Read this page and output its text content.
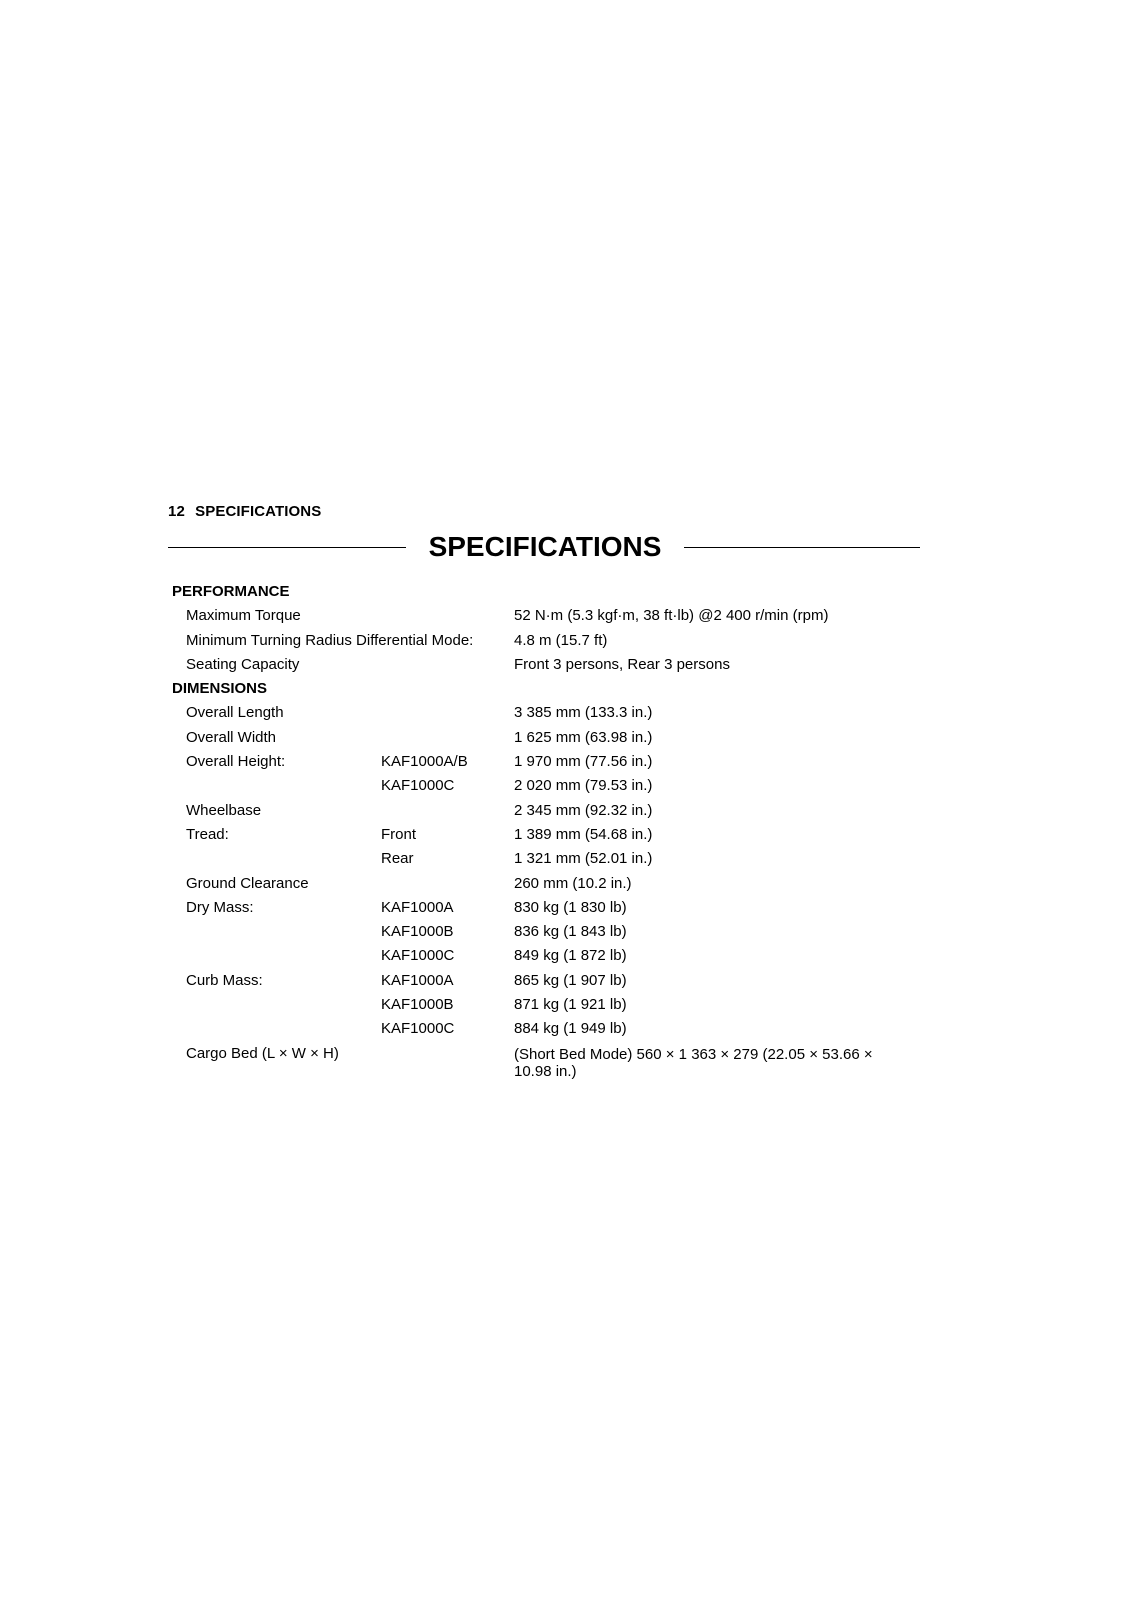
12 SPECIFICATIONS
SPECIFICATIONS
PERFORMANCE
Maximum Torque	52 N·m (5.3 kgf·m, 38 ft·lb) @2 400 r/min (rpm)
Minimum Turning Radius Differential Mode:	4.8 m (15.7 ft)
Seating Capacity	Front 3 persons, Rear 3 persons
DIMENSIONS
Overall Length	3 385 mm (133.3 in.)
Overall Width	1 625 mm (63.98 in.)
Overall Height:	KAF1000A/B	1 970 mm (77.56 in.)
KAF1000C	2 020 mm (79.53 in.)
Wheelbase	2 345 mm (92.32 in.)
Tread:	Front	1 389 mm (54.68 in.)
Rear	1 321 mm (52.01 in.)
Ground Clearance	260 mm (10.2 in.)
Dry Mass:	KAF1000A	830 kg (1 830 lb)
KAF1000B	836 kg (1 843 lb)
KAF1000C	849 kg (1 872 lb)
Curb Mass:	KAF1000A	865 kg (1 907 lb)
KAF1000B	871 kg (1 921 lb)
KAF1000C	884 kg (1 949 lb)
Cargo Bed (L × W × H)	(Short Bed Mode) 560 × 1 363 × 279 (22.05 × 53.66 × 10.98 in.)
